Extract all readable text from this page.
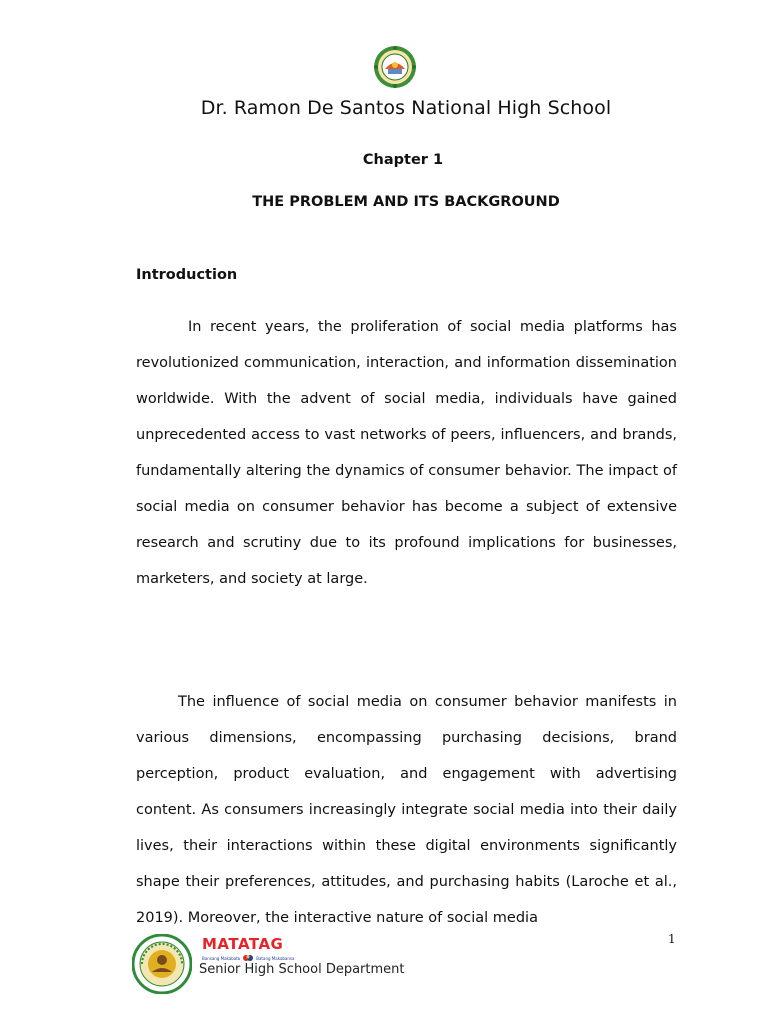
Dr. Ramon De Santos National High School
Chapter 1
THE PROBLEM AND ITS BACKGROUND
Introduction

In recent years, the proliferation of social media platforms has revolutionized communication, interaction, and information dissemination worldwide. With the advent of social media, individuals have gained unprecedented access to vast networks of peers, influencers, and brands, fundamentally altering the dynamics of consumer behavior. The impact of social media on consumer behavior has become a subject of extensive research and scrutiny due to its profound implications for businesses, marketers, and society at large.

The influence of social media on consumer behavior manifests in various dimensions, encompassing purchasing decisions, brand perception, product evaluation, and engagement with advertising content. As consumers increasingly integrate social media into their daily lives, their interactions within these digital environments significantly shape their preferences, attitudes, and purchasing habits (Laroche et al., 2019). Moreover, the interactive nature of social media

1
MATATAG
Bansang Makabata	Batang Makabansa
Senior High School Department
